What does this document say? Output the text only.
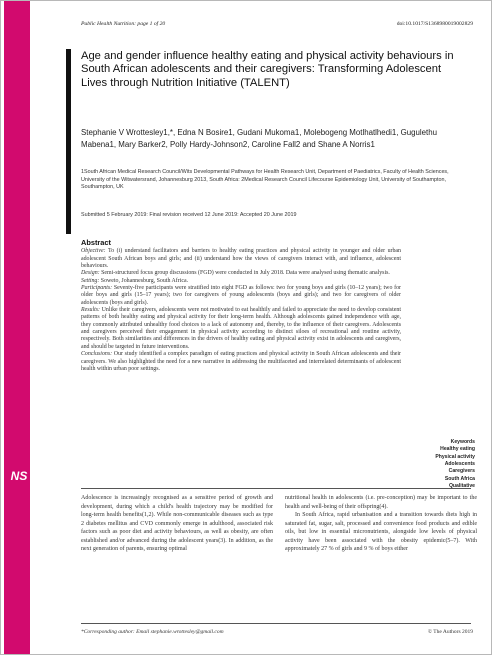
NS
Public Health Nutrition: page 1 of 20	doi:10.1017/S1368980019002829
Age and gender influence healthy eating and physical activity behaviours in South African adolescents and their caregivers: Transforming Adolescent Lives through Nutrition Initiative (TALENT)
Stephanie V Wrottesley1,*, Edna N Bosire1, Gudani Mukoma1, Molebogeng Motlhatlhedi1, Gugulethu Mabena1, Mary Barker2, Polly Hardy-Johnson2, Caroline Fall2 and Shane A Norris1
1South African Medical Research Council/Wits Developmental Pathways for Health Research Unit, Department of Paediatrics, Faculty of Health Sciences, University of the Witwatersrand, Johannesburg 2013, South Africa: 2Medical Research Council Lifecourse Epidemiology Unit, University of Southampton, Southampton, UK
Submitted 5 February 2019: Final revision received 12 June 2019: Accepted 20 June 2019
Abstract

Objective: To (i) understand facilitators and barriers to healthy eating practices and physical activity in younger and older urban adolescent South African boys and girls; and (ii) understand how the views of caregivers interact with, and influence, adolescent behaviours.

Design: Semi-structured focus group discussions (FGD) were conducted in July 2018. Data were analysed using thematic analysis.

Setting: Soweto, Johannesburg, South Africa.

Participants: Seventy-five participants were stratified into eight FGD as follows: two for young boys and girls (10–12 years); two for older boys and girls (15–17 years); two for caregivers of young adolescents (boys and girls); and two for caregivers of older adolescents (boys and girls).

Results: Unlike their caregivers, adolescents were not motivated to eat healthily and failed to appreciate the need to develop consistent patterns of both healthy eating and physical activity for their long-term health. Although adolescents gained independence with age, they commonly attributed unhealthy food choices to a lack of autonomy and, thereby, to the influence of their caregivers. Adolescents and caregivers perceived their engagement in physical activity according to distinct siloes of recreational and routine activity, respectively. Both similarities and differences in the drivers of healthy eating and physical activity exist in adolescents and caregivers, and should be targeted in future interventions.

Conclusions: Our study identified a complex paradigm of eating practices and physical activity in South African adolescents and their caregivers. We also highlighted the need for a new narrative in addressing the multifaceted and interrelated determinants of adolescent health within urban poor settings.

Keywords
Healthy eating
Physical activity
Adolescents
Caregivers
South Africa
Qualitative

Adolescence is increasingly recognised as a sensitive period of growth and development, during which a child's health trajectory may be modified for long-term health benefits(1,2). While non-communicable diseases such as type 2 diabetes mellitus and CVD commonly emerge in adulthood, associated risk factors such as poor diet and activity behaviours, as well as obesity, are often established and/or advanced during the adolescent years(3). In addition, as the next generation of parents, ensuring optimal

nutritional health in adolescents (i.e. pre-conception) may be important to the health and well-being of their offspring(4).

In South Africa, rapid urbanisation and a transition towards diets high in saturated fat, sugar, salt, processed and convenience food products and edible oils, but low in essential micronutrients, alongside low levels of physical activity have been associated with the obesity epidemic(5–7). With approximately 27 % of girls and 9 % of boys either

*Corresponding author: Email stephanie.wrottesley@gmail.com	© The Authors 2019
